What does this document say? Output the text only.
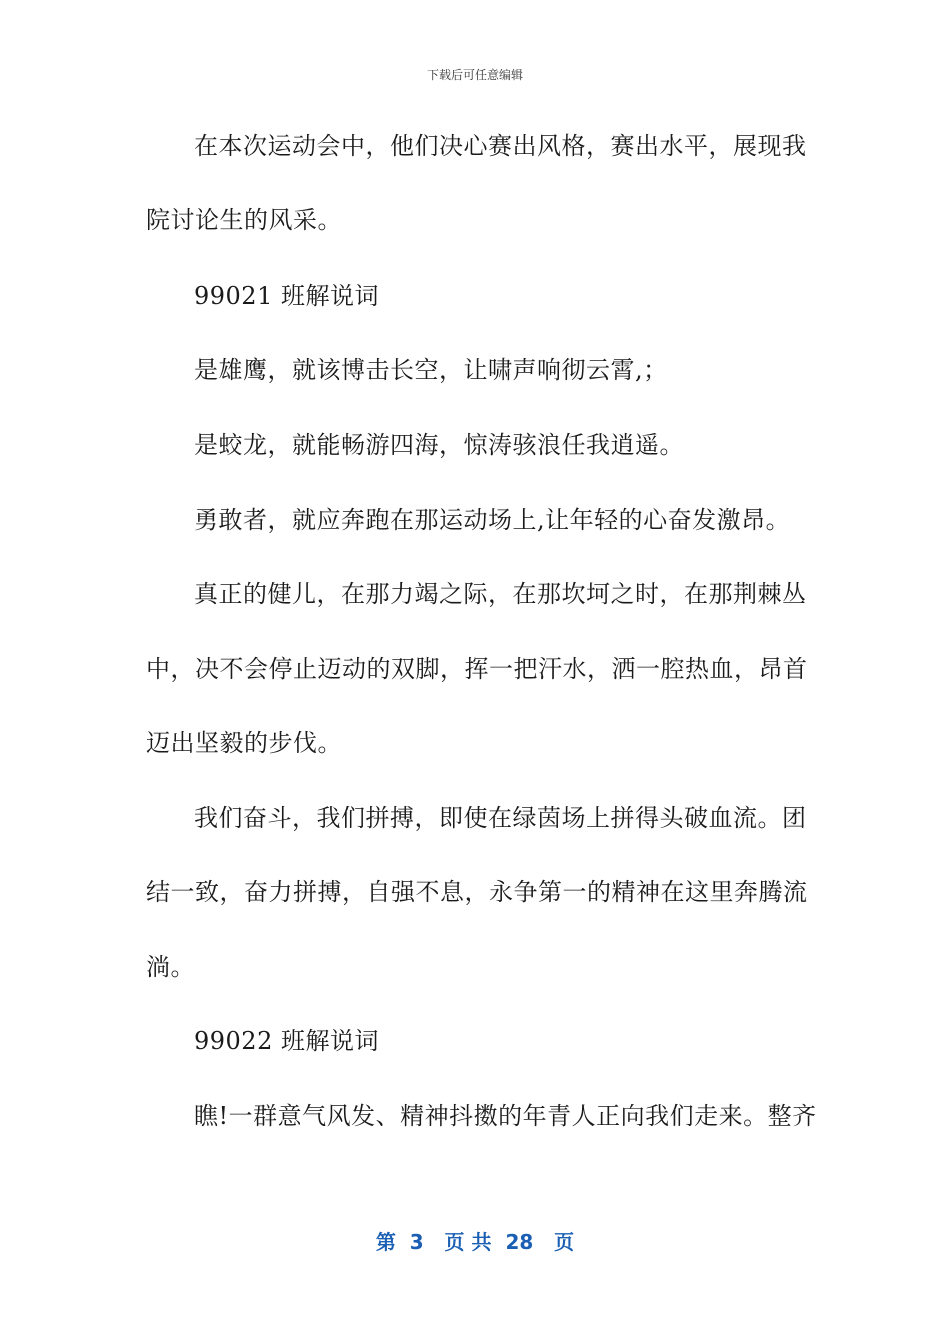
下载后可任意编辑
在本次运动会中，他们决心赛出风格，赛出水平，展现我
院讨论生的风采。
99021 班解说词
是雄鹰，就该博击长空，让啸声响彻云霄,；
是蛟龙，就能畅游四海，惊涛骇浪任我逍遥。
勇敢者，就应奔跑在那运动场上,让年轻的心奋发激昂。
真正的健儿，在那力竭之际，在那坎坷之时，在那荆棘丛
中，决不会停止迈动的双脚，挥一把汗水，洒一腔热血，昂首
迈出坚毅的步伐。
我们奋斗，我们拼搏，即使在绿茵场上拼得头破血流。团
结一致，奋力拼搏，自强不息，永争第一的精神在这里奔腾流
淌。
99022 班解说词
瞧!一群意气风发、精神抖擞的年青人正向我们走来。整齐
第  3   页 共  28   页
